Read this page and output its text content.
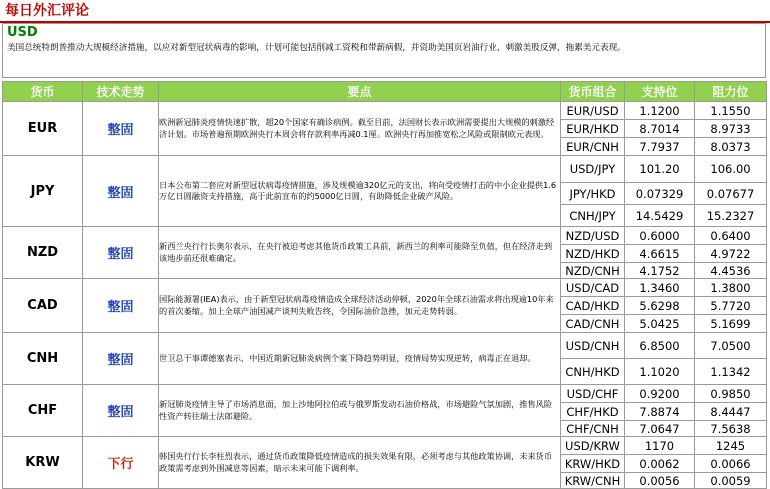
每日外汇评论
USD
美国总统特朗普推动大规模经济措施，以应对新型冠状病毒的影响，计划可能包括削减工资税和带薪病假，并资助美国页岩油行业，刺激美股反弹，拖累美元表现。
货币	技术走势	要点	货币组合	支持位	阻力位
EUR	整固	欧洲新冠肺炎疫情快速扩散，超20个国家有确诊病例。截至目前，法国财长表示欧洲需要提出大规模的刺激经济计划。市场普遍预期欧洲央行本周会将存款利率再减0.1厘。欧洲央行再加推宽松之风险或限制欧元表现。	EUR/USD	1.1200	1.1550
			EUR/HKD	8.7014	8.9733
			EUR/CNH	7.7937	8.0373
JPY	整固	日本公布第二套应对新型冠状病毒疫情措施，涉及规模逾320亿元的支出，将向受疫情打击的中小企业提供1.6万亿日圆融资支持措施，高于此前宣布的约5000亿日圆，有助降低企业破产风险。	USD/JPY	101.20	106.00
			JPY/HKD	0.07329	0.07677
			CNH/JPY	14.5429	15.2327
NZD	整固	新西兰央行行长奥尔表示，在央行被迫考虑其他货币政策工具前，新西兰的利率可能降至负值，但在经济走到该地步前还很难确定。	NZD/USD	0.6000	0.6400
			NZD/HKD	4.6615	4.9722
			NZD/CNH	4.1752	4.4536
CAD	整固	国际能源署(IEA)表示，由于新型冠状病毒疫情造成全球经济活动停顿，2020年全球石油需求将出现逾10年来的首次萎缩。加上全球产油国减产谈判失败告终，令国际油价急挫，加元走势转弱。	USD/CAD	1.3460	1.3800
			CAD/HKD	5.6298	5.7720
			CAD/CNH	5.0425	5.1699
CNH	整固	世卫总干事谭德塞表示，中国近期新冠肺炎病例个案下降趋势明显，疫情局势实现逆转，病毒正在退却。	USD/CNH	6.8500	7.0500
			CNH/HKD	1.1020	1.1342
CHF	整固	新冠肺炎疫情主导了市场消息面，加上沙地阿拉伯或与俄罗斯发动石油价格战，市场避险气氛加剧，推售风险性资产转往瑞士法郎避险。	USD/CHF	0.9200	0.9850
			CHF/HKD	7.8874	8.4447
			CHF/CNH	7.0647	7.5638
KRW	下行	韩国央行行长李柱烈表示，通过货币政策降低疫情造成的损失效果有限，必须考虑与其他政策协调，未来货币政策需考虑到外围减息等因素，暗示未来可能下调利率。	USD/KRW	1170	1245
			KRW/HKD	0.0062	0.0066
			KRW/CNH	0.0056	0.0059
